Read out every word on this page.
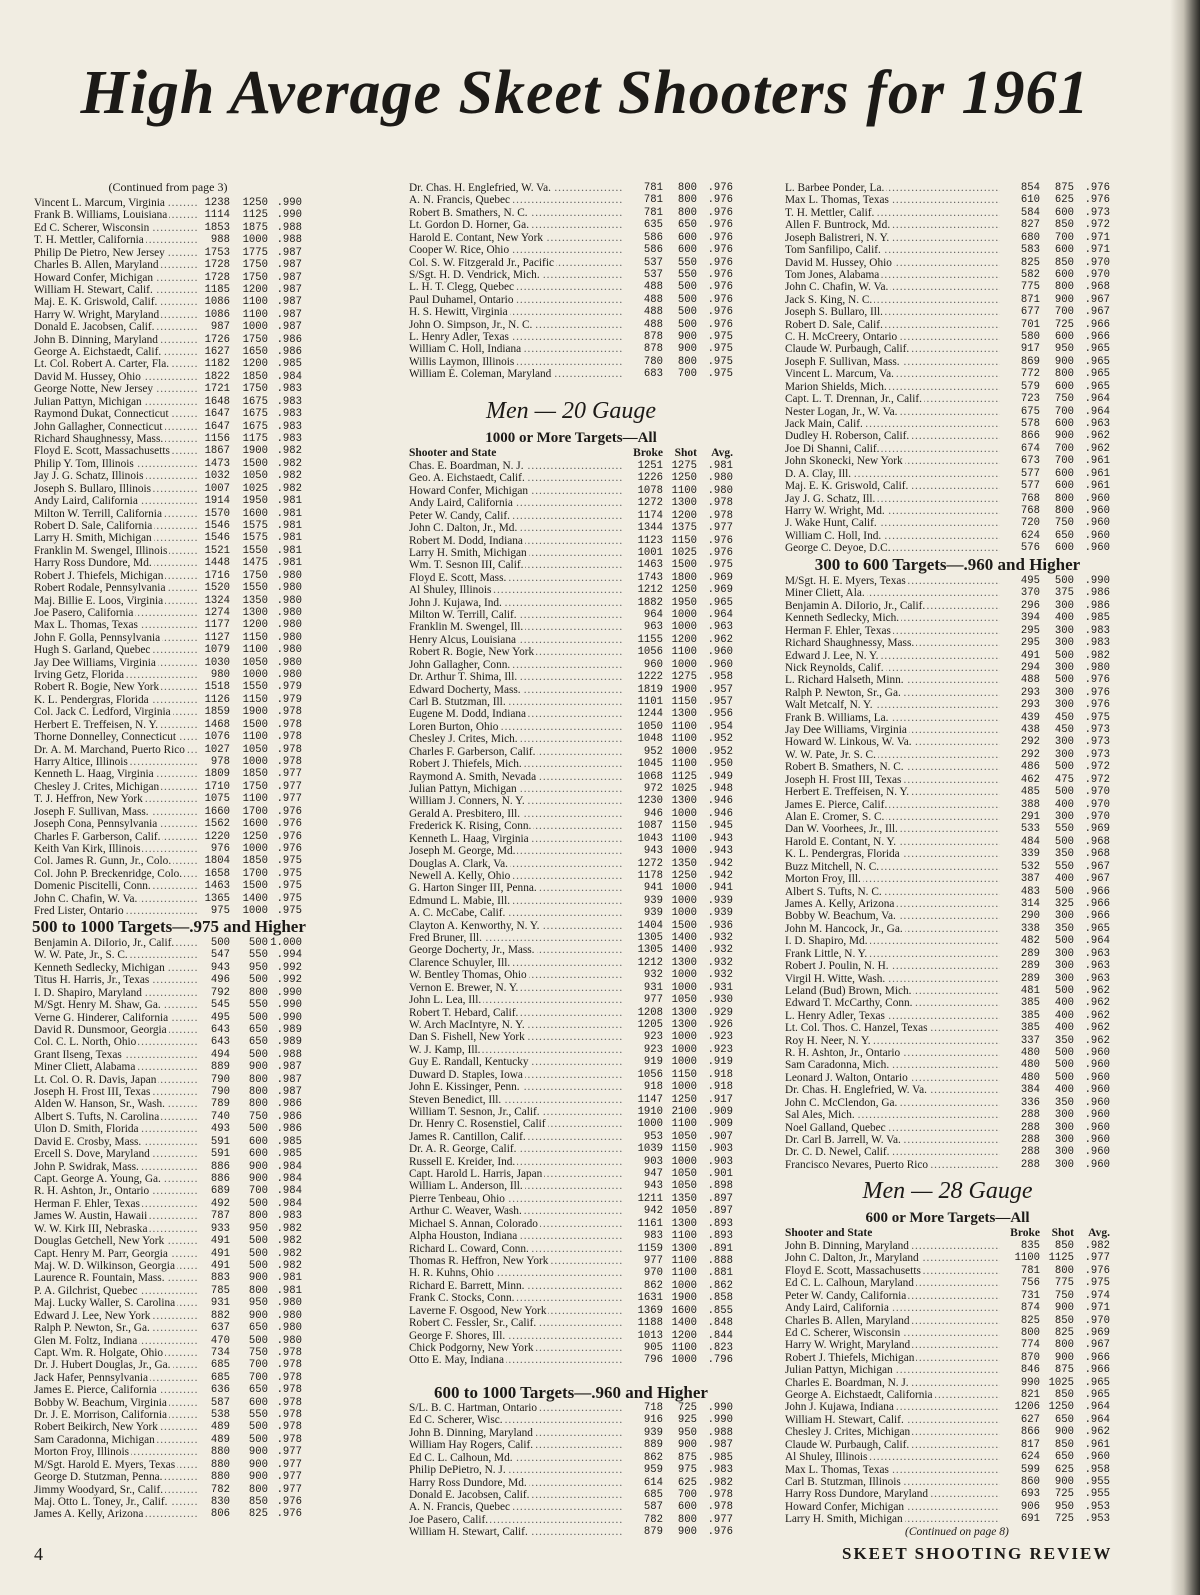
High Average Skeet Shooters for 1961
(Continued from page 3)
Vincent L. Marcum, Virginia .....	1238	1250 .990
Frank B. Williams, Louisiana .....	1114	1125 .990
Ed C. Scherer, Wisconsin .....	1853	1875 .988
T. H. Mettler, California .....	988	1000 .988
Philip De Pietro, New Jersey .....	1753	1775 .987
Charles B. Allen, Maryland .....	1728	1750 .987
Howard Confer, Michigan .....	1728	1750 .987
William H. Stewart, Calif. .....	1185	1200 .987
Maj. E. K. Griswold, Calif. .....	1086	1100 .987
Harry W. Wright, Maryland .....	1086	1100 .987
Donald E. Jacobsen, Calif. .....	987	1000 .987
John B. Dinning, Maryland .....	1726	1750 .986
George A. Eichstaedt, Calif. .....	1627	1650 .986
Lt. Col. Robert A. Carter, Fla. .....	1182	1200 .985
David M. Hussey, Ohio .....	1822	1850 .984
George Notte, New Jersey .....	1721	1750 .983
Julian Pattyn, Michigan .....	1648	1675 .983
Raymond Dukat, Connecticut .....	1647	1675 .983
John Gallagher, Connecticut .....	1647	1675 .983
Richard Shaughnessy, Mass. .....	1156	1175 .983
Floyd E. Scott, Massachusetts .....	1867	1900 .982
Philip Y. Tom, Illinois .....	1473	1500 .982
Jay J. G. Schatz, Illinois .....	1032	1050 .982
Joseph S. Bullaro, Illinois .....	1007	1025 .982
Andy Laird, California .....	1914	1950 .981
Milton W. Terrill, California .....	1570	1600 .981
Robert D. Sale, California .....	1546	1575 .981
Larry H. Smith, Michigan .....	1546	1575 .981
Franklin M. Swengel, Illinois .....	1521	1550 .981
Harry Ross Dundore, Md. .....	1448	1475 .981
Robert J. Thiefels, Michigan .....	1716	1750 .980
Robert Rodale, Pennsylvania .....	1520	1550 .980
Maj. Billie E. Loos, Virginia .....	1324	1350 .980
Joe Pasero, California .....	1274	1300 .980
Max L. Thomas, Texas .....	1177	1200 .980
John F. Golla, Pennsylvania .....	1127	1150 .980
Hugh S. Garland, Quebec .....	1079	1100 .980
Jay Dee Williams, Virginia .....	1030	1050 .980
Irving Getz, Florida .....	980	1000 .980
Robert R. Bogie, New York .....	1518	1550 .979
K. L. Pendergras, Florida .....	1126	1150 .979
Col. Jack C. Ledford, Virginia .....	1859	1900 .978
Herbert E. Treffeisen, N. Y. .....	1468	1500 .978
Thorne Donnelley, Connecticut .....	1076	1100 .978
Dr. A. M. Marchand, Puerto Rico .....	1027	1050 .978
Harry Altice, Illinois .....	978	1000 .978
Kenneth L. Haag, Virginia .....	1809	1850 .977
Chesley J. Crites, Michigan .....	1710	1750 .977
T. J. Heffron, New York .....	1075	1100 .977
Joseph F. Sullivan, Mass. .....	1660	1700 .976
Joseph Cona, Pennsylvania .....	1562	1600 .976
Charles F. Garberson, Calif. .....	1220	1250 .976
Keith Van Kirk, Illinois .....	976	1000 .976
Col. James R. Gunn, Jr., Colo. .....	1804	1850 .975
Col. John P. Breckenridge, Colo. .....	1658	1700 .975
Domenic Piscitelli, Conn. .....	1463	1500 .975
John C. Chafin, W. Va. .....	1365	1400 .975
Fred Lister, Ontario .....	975	1000 .975
500 to 1000 Targets—.975 and Higher
Benjamin A. DiIorio, Jr., Calif. .....	500	500 1.000
W. W. Pate, Jr., S. C. .....	547	550 .994
Kenneth Sedlecky, Michigan .....	943	950 .992
Titus H. Harris, Jr., Texas .....	496	500 .992
I. D. Shapiro, Maryland .....	792	800 .990
M/Sgt. Henry M. Shaw, Ga. .....	545	550 .990
Verne G. Hinderer, California .....	495	500 .990
David R. Dunsmoor, Georgia .....	643	650 .989
Col. C. L. North, Ohio .....	643	650 .989
Grant Ilseng, Texas .....	494	500 .988
Miner Cliett, Alabama .....	889	900 .987
Lt. Col. O. R. Davis, Japan .....	790	800 .987
Joseph H. Frost III, Texas .....	790	800 .987
Alden W. Hanson, Sr., Wash. .....	789	800 .986
Albert S. Tufts, N. Carolina .....	740	750 .986
Ulon D. Smith, Florida .....	493	500 .986
David E. Crosby, Mass. .....	591	600 .985
Ercell S. Dove, Maryland .....	591	600 .985
John P. Swidrak, Mass. .....	886	900 .984
Capt. George A. Young, Ga. .....	886	900 .984
R. H. Ashton, Jr., Ontario .....	689	700 .984
Herman F. Ehler, Texas .....	492	500 .984
James W. Austin, Hawaii .....	787	800 .983
W. W. Kirk III, Nebraska .....	933	950 .982
Douglas Getchell, New York .....	491	500 .982
Capt. Henry M. Parr, Georgia .....	491	500 .982
Maj. W. D. Wilkinson, Georgia .....	491	500 .982
Laurence R. Fountain, Mass. .....	883	900 .981
P. A. Gilchrist, Quebec .....	785	800 .981
Maj. Lucky Waller, S. Carolina .....	931	950 .980
Edward J. Lee, New York .....	882	900 .980
Ralph P. Newton, Sr., Ga. .....	637	650 .980
Glen M. Foltz, Indiana .....	470	500 .980
Capt. Wm. R. Holgate, Ohio .....	734	750 .978
Dr. J. Hubert Douglas, Jr., Ga. .....	685	700 .978
Jack Hafer, Pennsylvania .....	685	700 .978
James E. Pierce, California .....	636	650 .978
Bobby W. Beachum, Virginia .....	587	600 .978
Dr. J. E. Morrison, California .....	538	550 .978
Robert Beikirch, New York .....	489	500 .978
Sam Caradonna, Michigan .....	489	500 .978
Morton Froy, Illinois .....	880	900 .977
M/Sgt. Harold E. Myers, Texas .....	880	900 .977
George D. Stutzman, Penna. .....	880	900 .977
Jimmy Woodyard, Sr., Calif. .....	782	800 .977
Maj. Otto L. Toney, Jr., Calif. .....	830	850 .976
James A. Kelly, Arizona .....	806	825 .976
Dr. Chas. H. Englefried, W. Va. .....	781	800 .976
A. N. Francis, Quebec .....	781	800 .976
Robert B. Smathers, N. C. .....	781	800 .976
Lt. Gordon D. Horner, Ga. .....	635	650 .976
Harold E. Contant, New York .....	586	600 .976
Cooper W. Rice, Ohio .....	586	600 .976
Col. S. W. Fitzgerald Jr., Pacific .....	537	550 .976
S/Sgt. H. D. Vendrick, Mich. .....	537	550 .976
L. H. T. Clegg, Quebec .....	488	500 .976
Paul Duhamel, Ontario .....	488	500 .976
H. S. Hewitt, Virginia .....	488	500 .976
John O. Simpson, Jr., N. C. .....	488	500 .976
L. Henry Adler, Texas .....	878	900 .975
William C. Holl, Indiana .....	878	900 .975
Willis Laymon, Illinois .....	780	800 .975
William E. Coleman, Maryland .....	683	700 .975
Men — 20 Gauge
1000 or More Targets—All
Shooter and State	Broke	Shot	Avg.
Chas. E. Boardman, N. J. .....	1251 1275 .981
Geo. A. Eichstaedt, Calif. .....	1226 1250 .980
Howard Confer, Michigan .....	1078 1100 .980
Andy Laird, California .....	1272 1300 .978
Peter W. Candy, Calif. .....	1174 1200 .978
John C. Dalton, Jr., Md. .....	1344 1375 .977
Robert M. Dodd, Indiana .....	1123 1150 .976
Larry H. Smith, Michigan .....	1001 1025 .976
Wm. T. Sesnon III, Calif. .....	1463 1500 .975
Floyd E. Scott, Mass. .....	1743 1800 .969
Al Shuley, Illinois .....	1212 1250 .969
John J. Kujawa, Ind. .....	1882 1950 .965
Milton W. Terrill, Calif. .....	964 1000 .964
Franklin M. Swengel, Ill. .....	963 1000 .963
Henry Alcus, Louisiana .....	1155 1200 .962
Robert R. Bogie, New York .....	1056 1100 .960
John Gallagher, Conn. .....	960 1000 .960
Dr. Arthur T. Shima, Ill. .....	1222 1275 .958
Edward Docherty, Mass. .....	1819 1900 .957
Carl B. Stutzman, Ill. .....	1101 1150 .957
Eugene M. Dodd, Indiana .....	1244 1300 .956
Loren Burton, Ohio .....	1050 1100 .954
Chesley J. Crites, Mich. .....	1048 1100 .952
Charles F. Garberson, Calif. .....	952 1000 .952
Robert J. Thiefels, Mich. .....	1045 1100 .950
Raymond A. Smith, Nevada .....	1068 1125 .949
Julian Pattyn, Michigan .....	972 1025 .948
William J. Conners, N. Y. .....	1230 1300 .946
Gerald A. Presbitero, Ill. .....	946 1000 .946
Frederick K. Rising, Conn. .....	1087 1150 .945
Kenneth L. Haag, Virginia .....	1043 1100 .943
Joseph M. George, Md. .....	943 1000 .943
Douglas A. Clark, Va. .....	1272 1350 .942
Newell A. Kelly, Ohio .....	1178 1250 .942
G. Harton Singer III, Penna. .....	941 1000 .941
Edmund L. Mabie, Ill. .....	939 1000 .939
A. C. McCabe, Calif. .....	939 1000 .939
Clayton A. Kenworthy, N. Y. .....	1404 1500 .936
Fred Bruner, Ill. .....	1305 1400 .932
George Docherty, Jr., Mass. .....	1305 1400 .932
Clarence Schuyler, Ill. .....	1212 1300 .932
W. Bentley Thomas, Ohio .....	932 1000 .932
Vernon E. Brewer, N. Y. .....	931 1000 .931
John L. Lea, Ill. .....	977 1050 .930
Robert T. Hebard, Calif. .....	1208 1300 .929
W. Arch MacIntyre, N. Y. .....	1205 1300 .926
Dan S. Fishell, New York .....	923 1000 .923
W. J. Kamp, Ill. .....	923 1000 .923
Guy E. Randall, Kentucky .....	919 1000 .919
Duward D. Staples, Iowa .....	1056 1150 .918
John E. Kissinger, Penn. .....	918 1000 .918
Steven Benedict, Ill. .....	1147 1250 .917
William T. Sesnon, Jr., Calif. .....	1910 2100 .909
Dr. Henry C. Rosenstiel, Calif .....	1000 1100 .909
James R. Cantillon, Calif. .....	953 1050 .907
Dr. A. R. George, Calif. .....	1039 1150 .903
Russell E. Kreider, Ind. .....	903 1000 .903
Capt. Harold L. Harris, Japan .....	947 1050 .901
William L. Anderson, Ill. .....	943 1050 .898
Pierre Tenbeau, Ohio .....	1211 1350 .897
Arthur C. Weaver, Wash. .....	942 1050 .897
Michael S. Annan, Colorado .....	1161 1300 .893
Alpha Houston, Indiana .....	983 1100 .893
Richard L. Coward, Conn. .....	1159 1300 .891
Thomas R. Heffron, New York .....	977 1100 .888
H. R. Kuhns, Ohio .....	970 1100 .881
Richard E. Barrett, Minn. .....	862 1000 .862
Frank C. Stocks, Conn. .....	1631 1900 .858
Laverne F. Osgood, New York .....	1369 1600 .855
Robert C. Fessler, Sr., Calif. .....	1188 1400 .848
George F. Shores, Ill. .....	1013 1200 .844
Chick Podgorny, New York .....	905 1100 .823
Otto E. May, Indiana .....	796 1000 .796
600 to 1000 Targets—.960 and Higher
S/L. B. C. Hartman, Ontario .....	718	725 .990
Ed C. Scherer, Wisc. .....	916	925 .990
John B. Dinning, Maryland .....	939	950 .988
William Hay Rogers, Calif. .....	889	900 .987
Ed C. L. Calhoun, Md. .....	862	875 .985
Philip DePietro, N. J. .....	959	975 .983
Harry Ross Dundore, Md. .....	614	625 .982
Donald E. Jacobsen, Calif. .....	685	700 .978
A. N. Francis, Quebec .....	587	600 .978
Joe Pasero, Calif. .....	782	800 .977
William H. Stewart, Calif. .....	879	900 .976
L. Barbee Ponder, La. .....	854	875 .976
Max L. Thomas, Texas .....	610	625 .976
T. H. Mettler, Calif. .....	584	600 .973
Allen F. Buntrock, Md. .....	827	850 .972
Joseph Balistreri, N. Y. .....	680	700 .971
Tom Sanfilipo, Calif. .....	583	600 .971
David M. Hussey, Ohio .....	825	850 .970
Tom Jones, Alabama .....	582	600 .970
John C. Chafin, W. Va. .....	775	800 .968
Jack S. King, N. C. .....	871	900 .967
Joseph S. Bullaro, Ill. .....	677	700 .967
Robert D. Sale, Calif. .....	701	725 .966
C. H. McCreery, Ontario .....	580	600 .966
Claude W. Purbaugh, Calif. .....	917	950 .965
Joseph F. Sullivan, Mass. .....	869	900 .965
Vincent L. Marcum, Va. .....	772	800 .965
Marion Shields, Mich. .....	579	600 .965
Capt. L. T. Drennan, Jr., Calif. .....	723	750 .964
Nester Logan, Jr., W. Va. .....	675	700 .964
Jack Main, Calif. .....	578	600 .963
Dudley H. Roberson, Calif. .....	866	900 .962
Joe Di Shanni, Calif. .....	674	700 .962
John Skonecki, New York .....	673	700 .961
D. A. Clay, Ill. .....	577	600 .961
Maj. E. K. Griswold, Calif. .....	577	600 .961
Jay J. G. Schatz, Ill. .....	768	800 .960
Harry W. Wright, Md. .....	768	800 .960
J. Wake Hunt, Calif. .....	720	750 .960
William C. Holl, Ind. .....	624	650 .960
George C. Deyoe, D.C. .....	576	600 .960
300 to 600 Targets—.960 and Higher
M/Sgt. H. E. Myers, Texas .....	495	500 .990
Miner Cliett, Ala. .....	370	375 .986
Benjamin A. DiIorio, Jr., Calif. .....	296	300 .986
Kenneth Sedlecky, Mich. .....	394	400 .985
Herman F. Ehler, Texas .....	295	300 .983
Richard Shaughnessy, Mass. .....	295	300 .983
Edward J. Lee, N. Y. .....	491	500 .982
Nick Reynolds, Calif. .....	294	300 .980
L. Richard Halseth, Minn. .....	488	500 .976
Ralph P. Newton, Sr., Ga. .....	293	300 .976
Walt Metcalf, N. Y. .....	293	300 .976
Frank B. Williams, La. .....	439	450 .975
Jay Dee Williams, Virginia .....	438	450 .973
Howard W. Linkous, W. Va. .....	292	300 .973
W. W. Pate, Jr. S. C. .....	292	300 .973
Robert B. Smathers, N. C. .....	486	500 .972
Joseph H. Frost III, Texas .....	462	475 .972
Herbert E. Treffeisen, N. Y. .....	485	500 .970
James E. Pierce, Calif. .....	388	400 .970
Alan E. Cromer, S. C. .....	291	300 .970
Dan W. Voorhees, Jr., Ill. .....	533	550 .969
Harold E. Contant, N. Y. .....	484	500 .968
K. L. Pendergras, Florida .....	339	350 .968
Buzz Mitchell, N. C. .....	532	550 .967
Morton Froy, Ill. .....	387	400 .967
Albert S. Tufts, N. C. .....	483	500 .966
James A. Kelly, Arizona .....	314	325 .966
Bobby W. Beachum, Va. .....	290	300 .966
John M. Hancock, Jr., Ga. .....	338	350 .965
I. D. Shapiro, Md. .....	482	500 .964
Frank Little, N. Y. .....	289	300 .963
Robert J. Poulin, N. H. .....	289	300 .963
Virgil H. Witte, Wash. .....	289	300 .963
Leland (Bud) Brown, Mich. .....	481	500 .962
Edward T. McCarthy, Conn. .....	385	400 .962
L. Henry Adler, Texas .....	385	400 .962
Lt. Col. Thos. C. Hanzel, Texas .....	385	400 .962
Roy H. Neer, N. Y. .....	337	350 .962
R. H. Ashton, Jr., Ontario .....	480	500 .960
Sam Caradonna, Mich. .....	480	500 .960
Leonard J. Walton, Ontario .....	480	500 .960
Dr. Chas. H. Englefried, W. Va. .....	384	400 .960
John C. McClendon, Ga. .....	336	350 .960
Sal Ales, Mich. .....	288	300 .960
Noel Galland, Quebec .....	288	300 .960
Dr. Carl B. Jarrell, W. Va. .....	288	300 .960
Dr. C. D. Newel, Calif. .....	288	300 .960
Francisco Nevares, Puerto Rico .....	288	300 .960
Men — 28 Gauge
600 or More Targets—All
Shooter and State	Broke	Shot	Avg.
John B. Dinning, Maryland .....	835	850 .982
John C. Dalton, Jr., Maryland .....	1100 1125 .977
Floyd E. Scott, Massachusetts .....	781	800 .976
Ed C. L. Calhoun, Maryland .....	756	775 .975
Peter W. Candy, California .....	731	750 .974
Andy Laird, California .....	874	900 .971
Charles B. Allen, Maryland .....	825	850 .970
Ed C. Scherer, Wisconsin .....	800	825 .969
Harry W. Wright, Maryland .....	774	800 .967
Robert J. Thiefels, Michigan .....	870	900 .966
Julian Pattyn, Michigan .....	846	875 .966
Charles E. Boardman, N. J. .....	990 1025 .965
George A. Eichstaedt, California .....	821	850 .965
John J. Kujawa, Indiana .....	1206 1250 .964
William H. Stewart, Calif. .....	627	650 .964
Chesley J. Crites, Michigan .....	866	900 .962
Claude W. Purbaugh, Calif. .....	817	850 .961
Al Shuley, Illinois .....	624	650 .960
Max L. Thomas, Texas .....	599	625 .958
Carl B. Stutzman, Illinois .....	860	900 .955
Harry Ross Dundore, Maryland .....	693	725 .955
Howard Confer, Michigan .....	906	950 .953
Larry H. Smith, Michigan .....	691	725 .953
(Continued on page 8)
4	SKEET SHOOTING REVIEW
